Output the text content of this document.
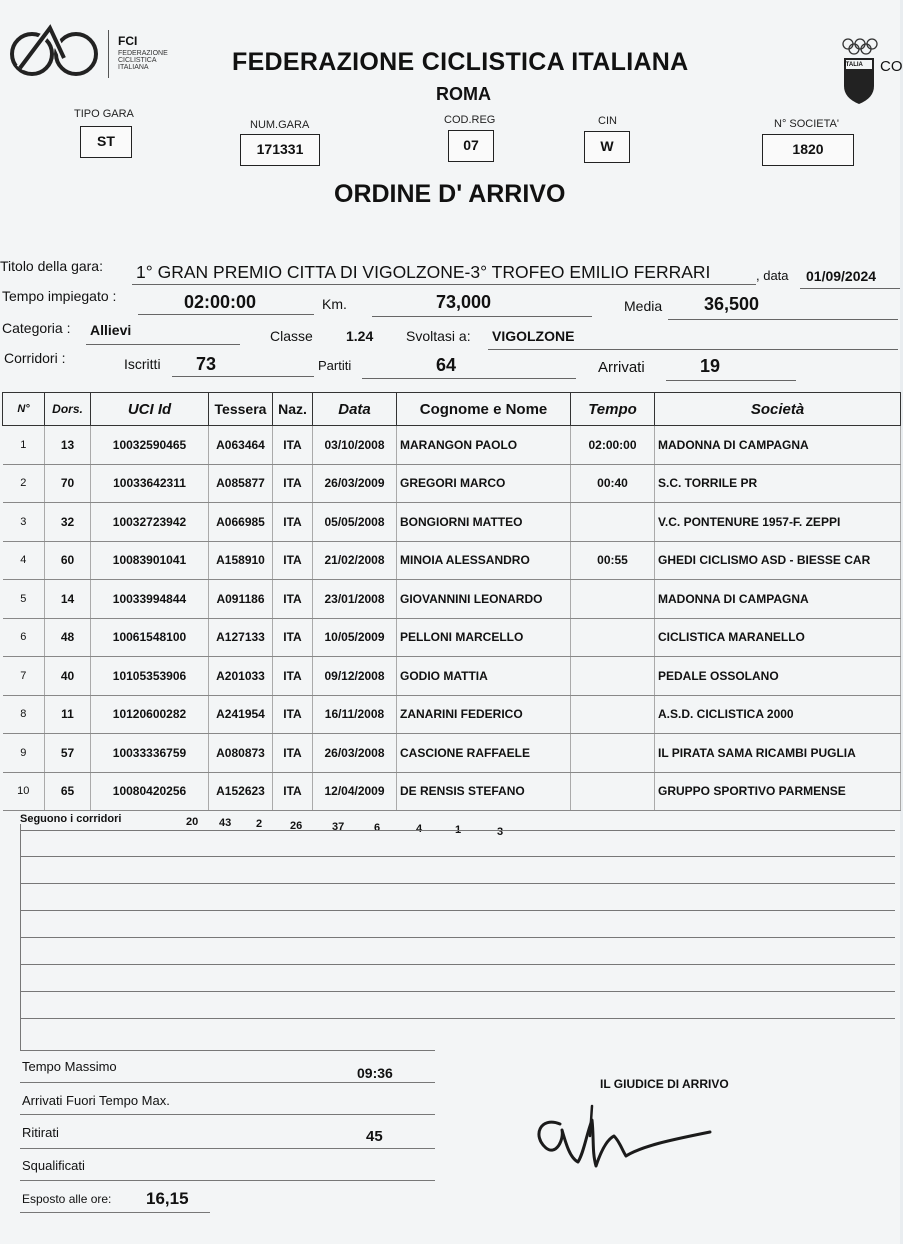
FCI
FEDERAZIONE
CICLISTICA
ITALIANA	FEDERAZIONE CICLISTICA ITALIANA
ROMA
ITALIA CO
TIPO GARA
ST
NUM.GARA
171331
COD.REG
07
CIN
W
N° SOCIETA'
1820
ORDINE D' ARRIVO
Titolo della gara: 1° GRAN PREMIO CITTA DI VIGOLZONE-3° TROFEO EMILIO FERRARI	, data 01/09/2024
Tempo impiegato :	02:00:00	Km.	73,000	Media 36,500
Categoria : Allievi	Classe 1.24 Svoltasi a: VIGOLZONE
Corridori :	Iscritti 73	Partiti	64	Arrivati	19
N°	Dors.	UCI Id	Tessera	Naz.	Data	Cognome e Nome	Tempo	Società
1	13	10032590465	A063464	ITA	03/10/2008	MARANGON PAOLO	02:00:00	MADONNA DI CAMPAGNA
2	70	10033642311	A085877	ITA	26/03/2009	GREGORI MARCO	00:40	S.C. TORRILE PR
3	32	10032723942	A066985	ITA	05/05/2008	BONGIORNI MATTEO		V.C. PONTENURE 1957-F. ZEPPI
4	60	10083901041	A158910	ITA	21/02/2008	MINOIA ALESSANDRO	00:55	GHEDI CICLISMO ASD - BIESSE CAR
5	14	10033994844	A091186	ITA	23/01/2008	GIOVANNINI LEONARDO		MADONNA DI CAMPAGNA
6	48	10061548100	A127133	ITA	10/05/2009	PELLONI MARCELLO		CICLISTICA MARANELLO
7	40	10105353906	A201033	ITA	09/12/2008	GODIO MATTIA		PEDALE OSSOLANO
8	11	10120600282	A241954	ITA	16/11/2008	ZANARINI FEDERICO		A.S.D. CICLISTICA 2000
9	57	10033336759	A080873	ITA	26/03/2008	CASCIONE RAFFAELE		IL PIRATA SAMA RICAMBI PUGLIA
10	65	10080420256	A152623	ITA	12/04/2009	DE RENSIS STEFANO		GRUPPO SPORTIVO PARMENSE
Seguono i corridori	20 43 2	26	37	6	4	1	3
Tempo Massimo	09:36
Arrivati Fuori Tempo Max.
Ritirati	45
Squalificati
Esposto alle ore: 16,15
IL GIUDICE DI ARRIVO
